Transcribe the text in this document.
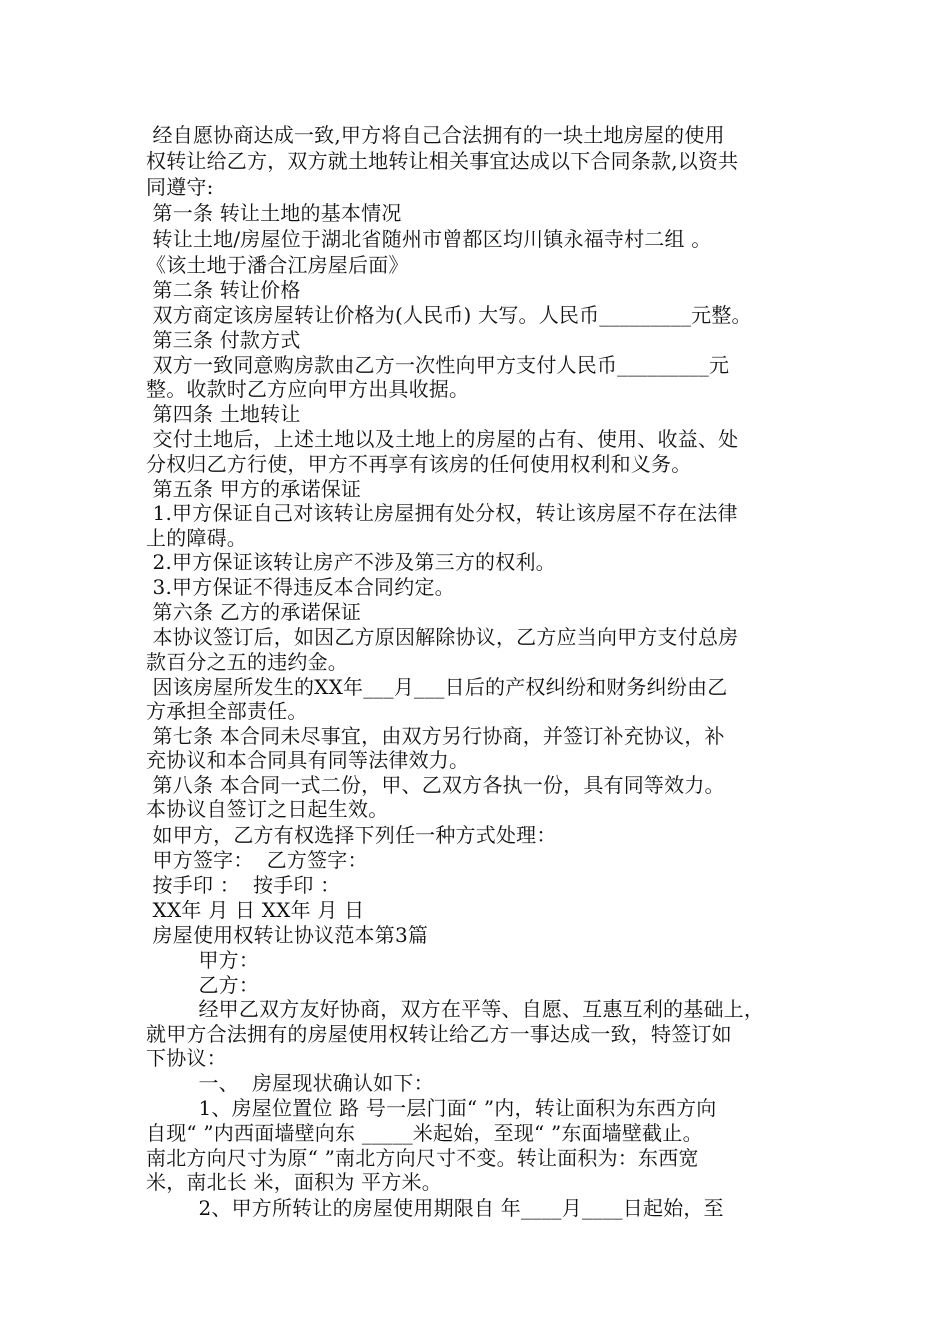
经自愿协商达成一致,甲方将自己合法拥有的一块土地房屋的使用
权转让给乙方，双方就土地转让相关事宜达成以下合同条款,以资共
同遵守:
第一条 转让土地的基本情况
转让土地/房屋位于湖北省随州市曾都区均川镇永福寺村二组 。
《该土地于潘合江房屋后面》
第二条 转让价格
双方商定该房屋转让价格为(人民币) 大写。人民币_________元整。
第三条 付款方式
双方一致同意购房款由乙方一次性向甲方支付人民币_________元
整。收款时乙方应向甲方出具收据。
第四条 土地转让
交付土地后，上述土地以及土地上的房屋的占有、使用、收益、处
分权归乙方行使，甲方不再享有该房的任何使用权利和义务。
第五条 甲方的承诺保证
1.甲方保证自己对该转让房屋拥有处分权，转让该房屋不存在法律
上的障碍。
2.甲方保证该转让房产不涉及第三方的权利。
3.甲方保证不得违反本合同约定。
第六条 乙方的承诺保证
本协议签订后，如因乙方原因解除协议，乙方应当向甲方支付总房
款百分之五的违约金。
因该房屋所发生的XX年___月___日后的产权纠纷和财务纠纷由乙
方承担全部责任。
第七条 本合同未尽事宜，由双方另行协商，并签订补充协议，补
充协议和本合同具有同等法律效力。
第八条 本合同一式二份，甲、乙双方各执一份，具有同等效力。
本协议自签订之日起生效。
如甲方，乙方有权选择下列任一种方式处理：
甲方签字：  乙方签字：
按手印 ：  按手印 ：
XX年 月 日 XX年 月 日
房屋使用权转让协议范本第3篇
甲方：
乙方：
经甲乙双方友好协商，双方在平等、自愿、互惠互利的基础上，
就甲方合法拥有的房屋使用权转让给乙方一事达成一致，特签订如
下协议：
一、  房屋现状确认如下：
1、房屋位置位 路 号一层门面“ ”内，转让面积为东西方向
自现“ ”内西面墙壁向东 _____米起始，至现“ ”东面墙壁截止。
南北方向尺寸为原“ ”南北方向尺寸不变。转让面积为：东西宽
米，南北长 米，面积为 平方米。
2、甲方所转让的房屋使用期限自 年____月____日起始，至
